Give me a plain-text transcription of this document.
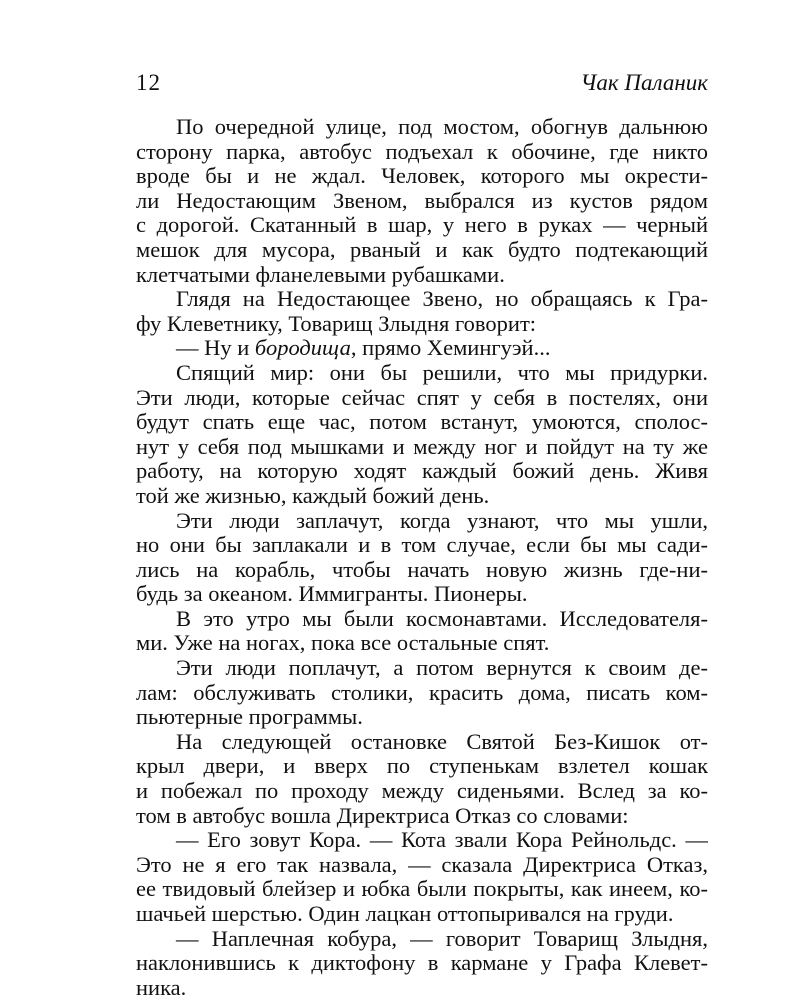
12	Чак Паланик
По очередной улице, под мостом, обогнув дальнюю
сторону парка, автобус подъехал к обочине, где никто
вроде бы и не ждал. Человек, которого мы окрести-
ли Недостающим Звеном, выбрался из кустов рядом
с дорогой. Скатанный в шар, у него в руках — черный
мешок для мусора, рваный и как будто подтекающий
клетчатыми фланелевыми рубашками.
Глядя на Недостающее Звено, но обращаясь к Гра-
фу Клеветнику, Товарищ Злыдня говорит:
— Ну и бородища, прямо Хемингуэй...
Спящий мир: они бы решили, что мы придурки.
Эти люди, которые сейчас спят у себя в постелях, они
будут спать еще час, потом встанут, умоются, сполос-
нут у себя под мышками и между ног и пойдут на ту же
работу, на которую ходят каждый божий день. Живя
той же жизнью, каждый божий день.
Эти люди заплачут, когда узнают, что мы ушли,
но они бы заплакали и в том случае, если бы мы сади-
лись на корабль, чтобы начать новую жизнь где-ни-
будь за океаном. Иммигранты. Пионеры.
В это утро мы были космонавтами. Исследователя-
ми. Уже на ногах, пока все остальные спят.
Эти люди поплачут, а потом вернутся к своим де-
лам: обслуживать столики, красить дома, писать ком-
пьютерные программы.
На следующей остановке Святой Без-Кишок от-
крыл двери, и вверх по ступенькам взлетел кошак
и побежал по проходу между сиденьями. Вслед за ко-
том в автобус вошла Директриса Отказ со словами:
— Его зовут Кора. — Кота звали Кора Рейнольдс. —
Это не я его так назвала, — сказала Директриса Отказ,
ее твидовый блейзер и юбка были покрыты, как инеем, ко-
шачьей шерстью. Один лацкан оттопыривался на груди.
— Наплечная кобура, — говорит Товарищ Злыдня,
наклонившись к диктофону в кармане у Графа Клевет-
ника.
